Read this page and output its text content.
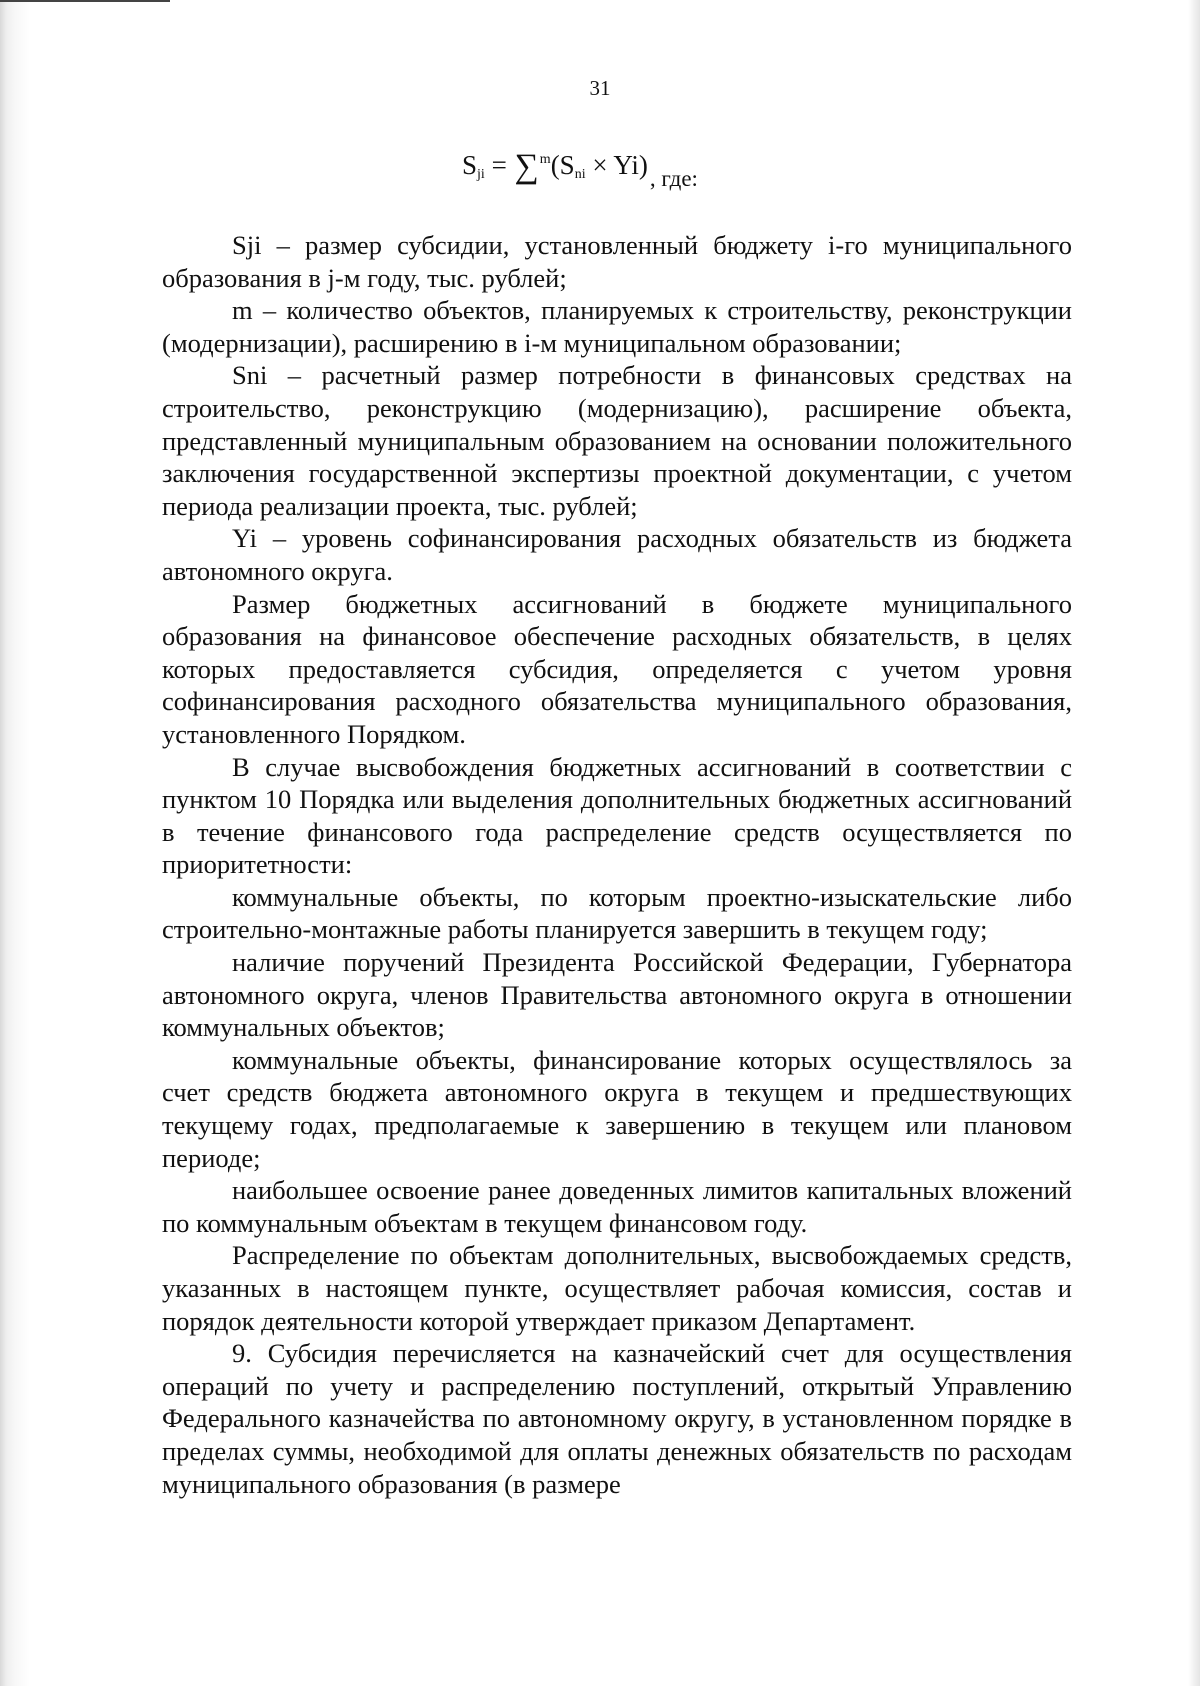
31
$S_{ji} = \sum^m(S_{ni} \times Yi)$, где:

Sji – размер субсидии, установленный бюджету i-го муниципального образования в j-м году, тыс. рублей;

m – количество объектов, планируемых к строительству, реконструкции (модернизации), расширению в i-м муниципальном образовании;

Sni – расчетный размер потребности в финансовых средствах на строительство, реконструкцию (модернизацию), расширение объекта, представленный муниципальным образованием на основании положительного заключения государственной экспертизы проектной документации, с учетом периода реализации проекта, тыс. рублей;

Yi – уровень софинансирования расходных обязательств из бюджета автономного округа.

Размер бюджетных ассигнований в бюджете муниципального образования на финансовое обеспечение расходных обязательств, в целях которых предоставляется субсидия, определяется с учетом уровня софинансирования расходного обязательства муниципального образования, установленного Порядком.

В случае высвобождения бюджетных ассигнований в соответствии с пунктом 10 Порядка или выделения дополнительных бюджетных ассигнований в течение финансового года распределение средств осуществляется по приоритетности:

коммунальные объекты, по которым проектно-изыскательские либо строительно-монтажные работы планируется завершить в текущем году;

наличие поручений Президента Российской Федерации, Губернатора автономного округа, членов Правительства автономного округа в отношении коммунальных объектов;

коммунальные объекты, финансирование которых осуществлялось за счет средств бюджета автономного округа в текущем и предшествующих текущему годах, предполагаемые к завершению в текущем или плановом периоде;

наибольшее освоение ранее доведенных лимитов капитальных вложений по коммунальным объектам в текущем финансовом году.

Распределение по объектам дополнительных, высвобождаемых средств, указанных в настоящем пункте, осуществляет рабочая комиссия, состав и порядок деятельности которой утверждает приказом Департамент.

9. Субсидия перечисляется на казначейский счет для осуществления операций по учету и распределению поступлений, открытый Управлению Федерального казначейства по автономному округу, в установленном порядке в пределах суммы, необходимой для оплаты денежных обязательств по расходам муниципального образования (в размере
